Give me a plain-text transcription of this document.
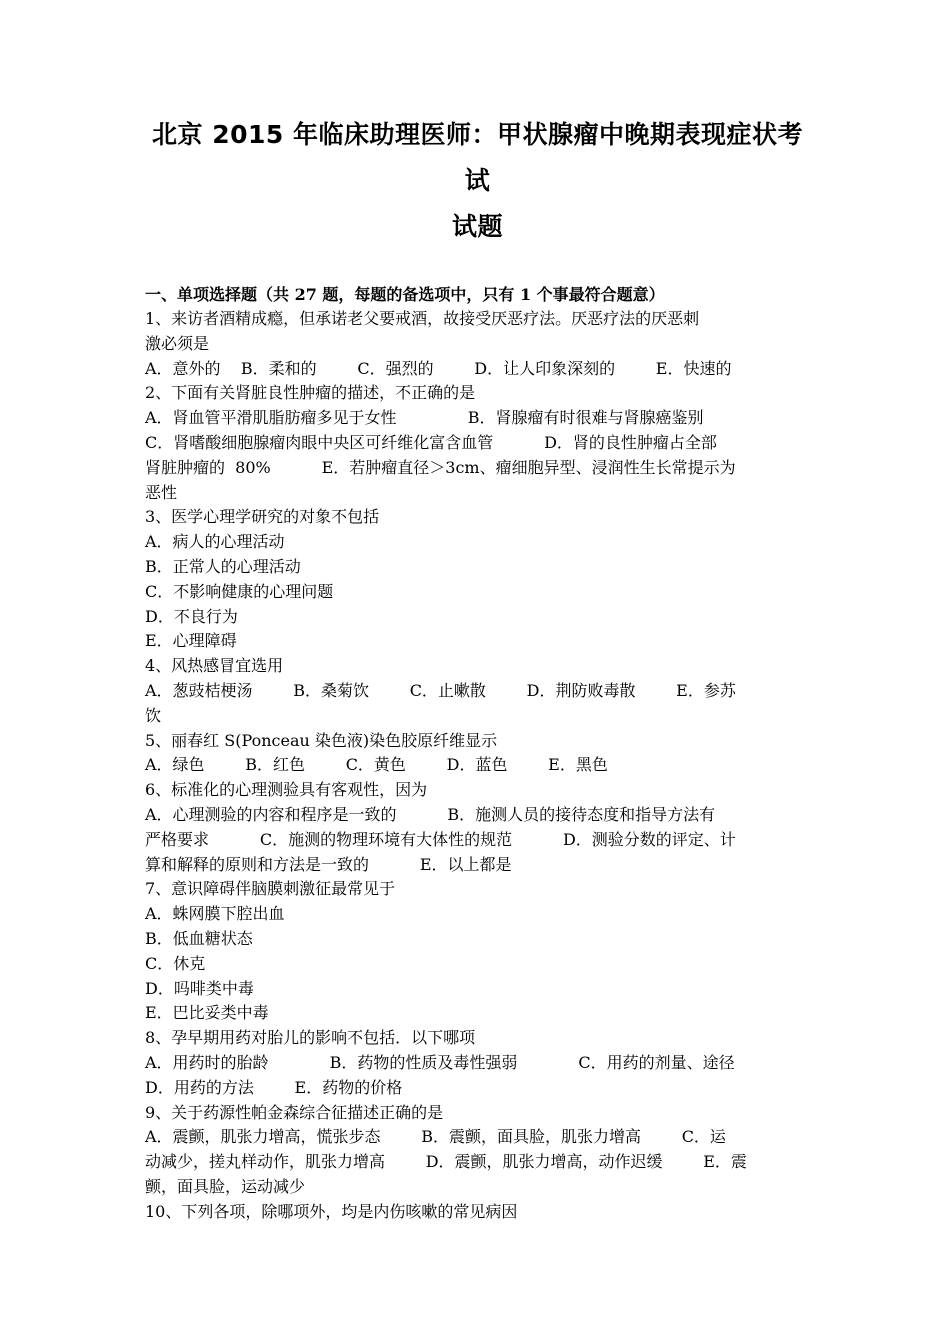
北京 2015 年临床助理医师：甲状腺瘤中晚期表现症状考试
试题

一、单项选择题（共 27 题，每题的备选项中，只有 1 个事最符合题意）

1、来访者酒精成瘾，但承诺老父要戒酒，故接受厌恶疗法。厌恶疗法的厌恶刺

激必须是

A．意外的    B．柔和的        C．强烈的        D．让人印象深刻的        E．快速的

2、下面有关肾脏良性肿瘤的描述，不正确的是

A．肾血管平滑肌脂肪瘤多见于女性              B．肾腺瘤有时很难与肾腺癌鉴别

C．肾嗜酸细胞腺瘤肉眼中央区可纤维化富含血管          D．肾的良性肿瘤占全部

肾脏肿瘤的  80%          E．若肿瘤直径＞3cm、瘤细胞异型、浸润性生长常提示为

恶性

3、医学心理学研究的对象不包括

A．病人的心理活动

B．正常人的心理活动

C．不影响健康的心理问题

D．不良行为

E．心理障碍

4、风热感冒宜选用

A．葱豉桔梗汤        B．桑菊饮        C．止嗽散        D．荆防败毒散        E．参苏

饮

5、丽春红 S(Ponceau 染色液)染色胶原纤维显示

A．绿色        B．红色        C．黄色        D．蓝色        E．黑色

6、标准化的心理测验具有客观性，因为

A．心理测验的内容和程序是一致的          B．施测人员的接待态度和指导方法有

严格要求          C．施测的物理环境有大体性的规范          D．测验分数的评定、计

算和解释的原则和方法是一致的          E．以上都是

7、意识障碍伴脑膜刺激征最常见于

A．蛛网膜下腔出血

B．低血糖状态

C．休克

D．吗啡类中毒

E．巴比妥类中毒

8、孕早期用药对胎儿的影响不包括．以下哪项

A．用药时的胎龄            B．药物的性质及毒性强弱            C．用药的剂量、途径

D．用药的方法        E．药物的价格

9、关于药源性帕金森综合征描述正确的是

A．震颤，肌张力增高，慌张步态        B．震颤，面具脸，肌张力增高        C．运

动减少，搓丸样动作，肌张力增高        D．震颤，肌张力增高，动作迟缓        E．震

颤，面具脸，运动减少

10、下列各项，除哪项外，均是内伤咳嗽的常见病因
